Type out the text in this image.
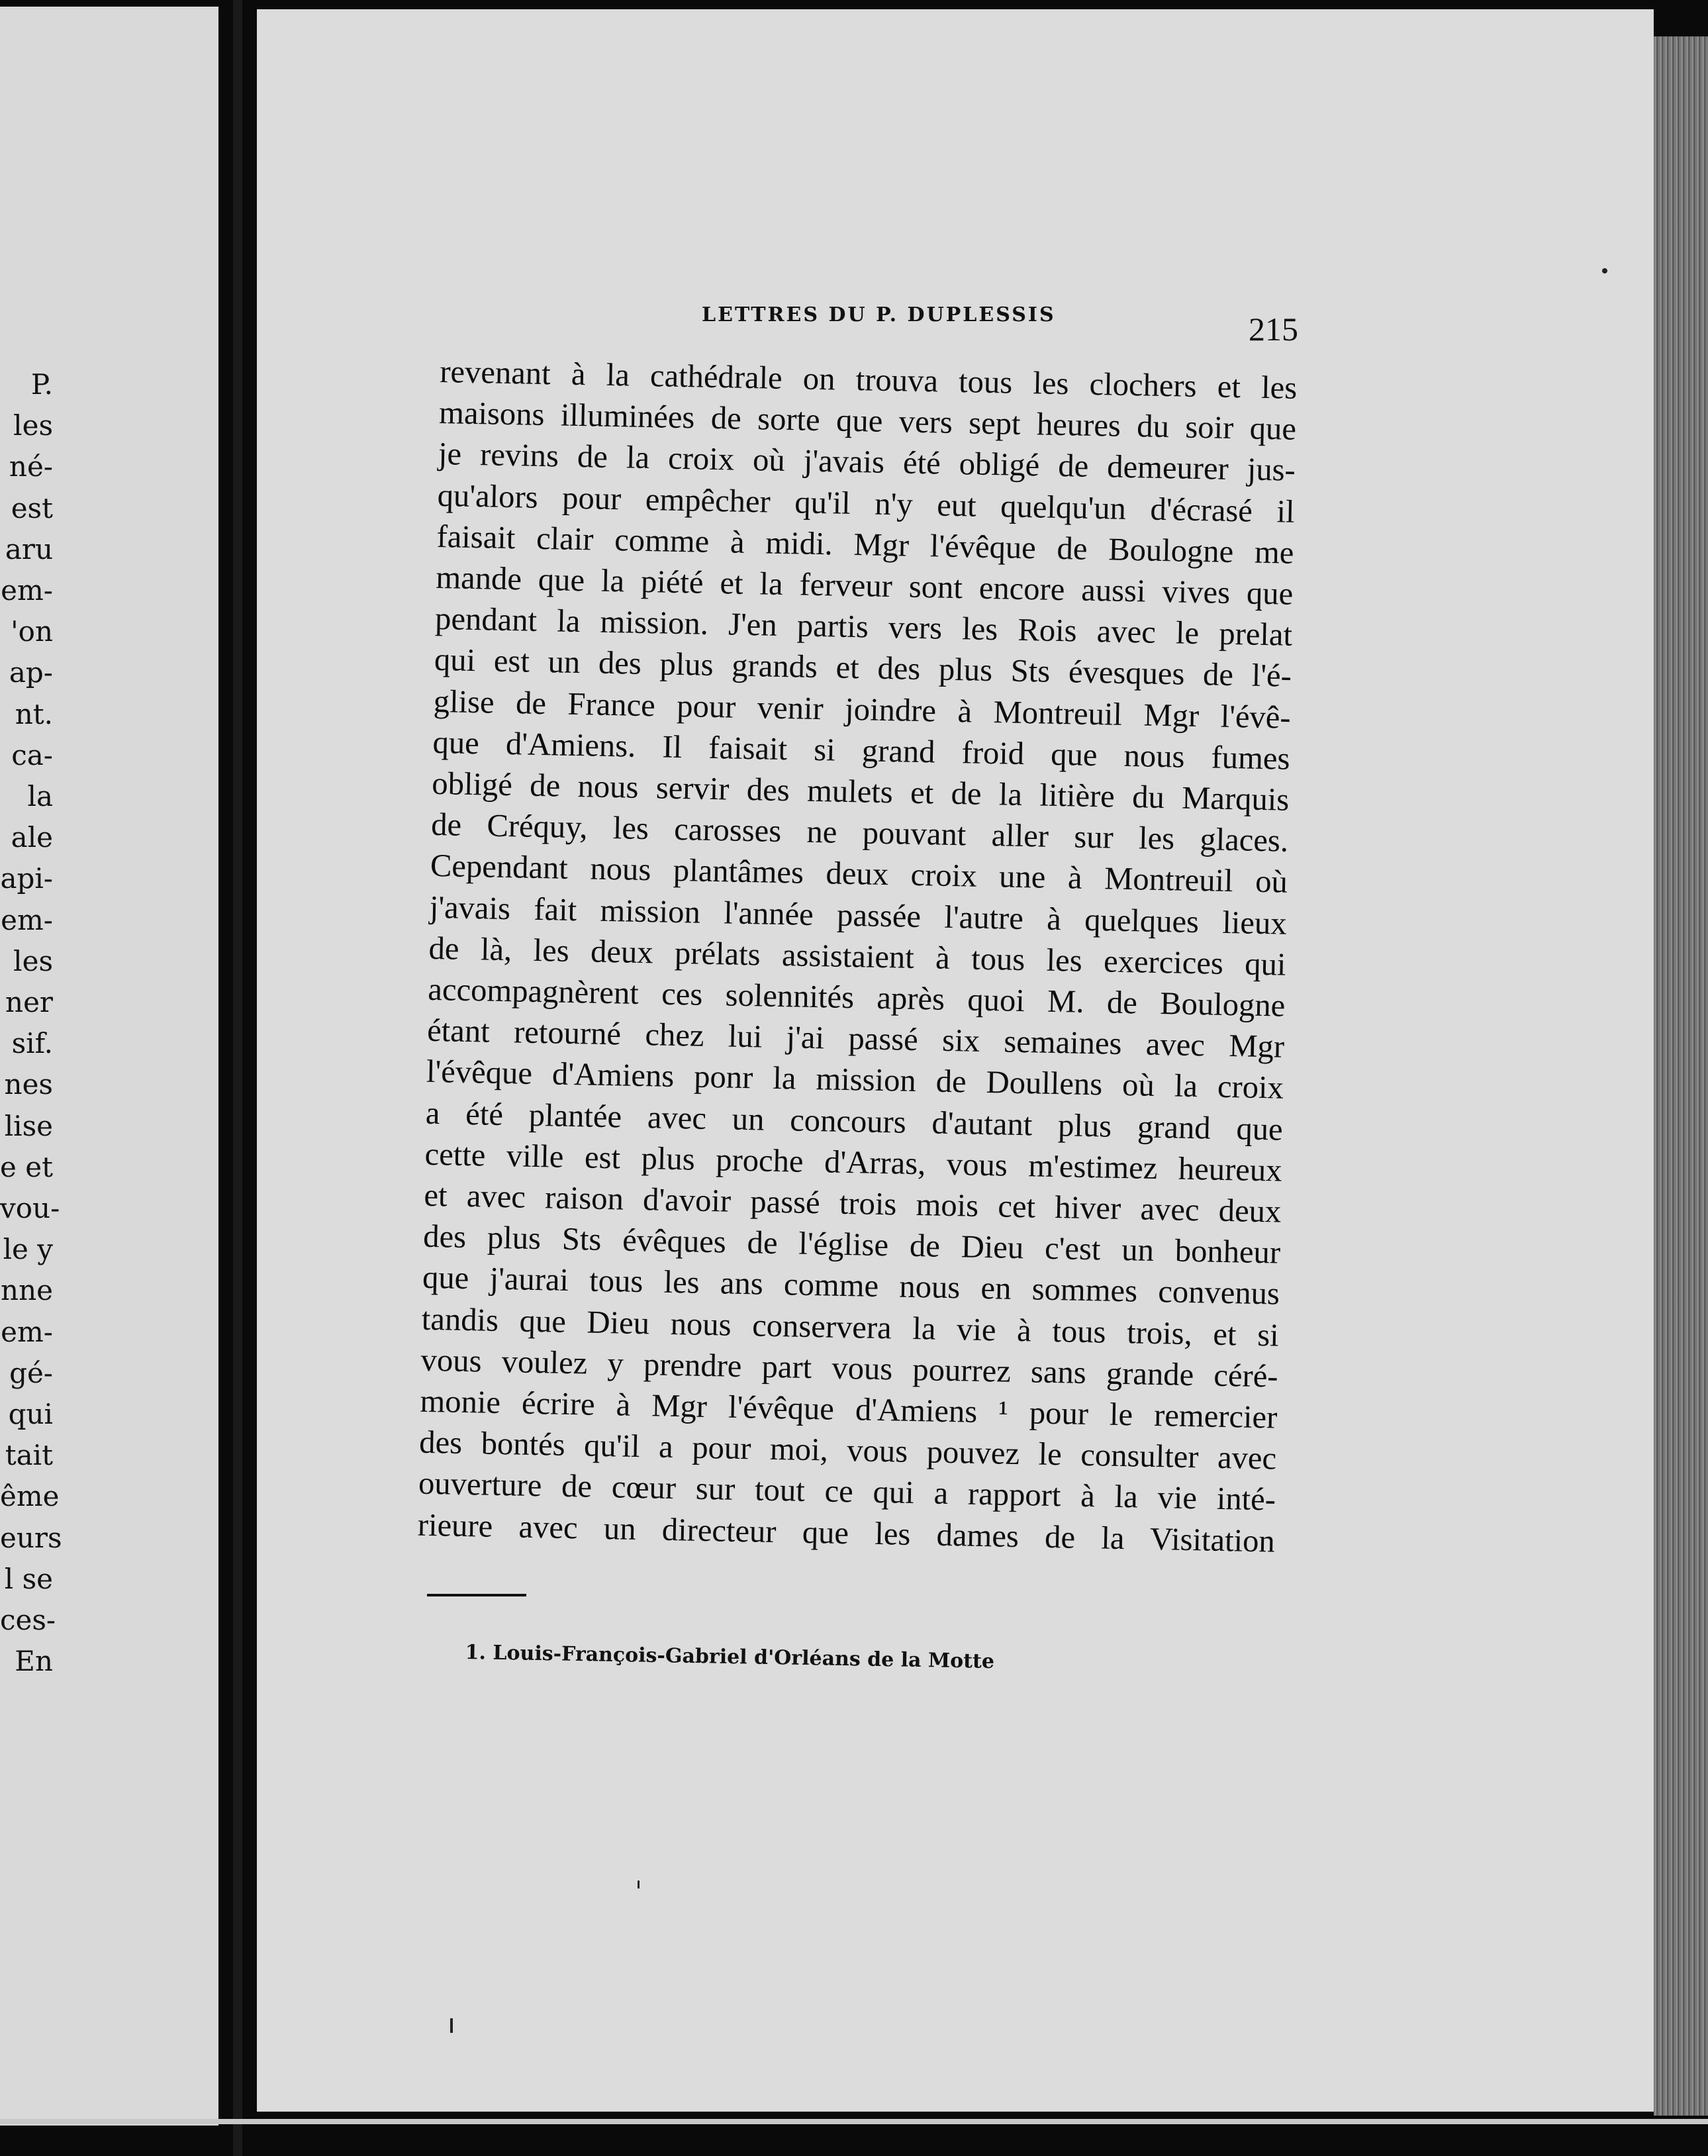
P.
les
né-
est
aru
em-
'on
ap-
nt.
ca-
la
ale
api-
em-
les
ner
sif.
nes
lise
e et
vou-
le y
nne
em-
gé-
qui
tait
ême
eurs
l se
ces-
En
LETTRES DU P. DUPLESSIS	215
revenant à la cathédrale on trouva tous les clochers et les
maisons illuminées de sorte que vers sept heures du soir que
je revins de la croix où j'avais été obligé de demeurer jus-
qu'alors pour empêcher qu'il n'y eut quelqu'un d'écrasé il
faisait clair comme à midi. Mgr l'évêque de Boulogne me
mande que la piété et la ferveur sont encore aussi vives que
pendant la mission. J'en partis vers les Rois avec le prelat
qui est un des plus grands et des plus Sts évesques de l'é-
glise de France pour venir joindre à Montreuil Mgr l'évê-
que d'Amiens. Il faisait si grand froid que nous fumes
obligé de nous servir des mulets et de la litière du Marquis
de Créquy, les carosses ne pouvant aller sur les glaces.
Cependant nous plantâmes deux croix une à Montreuil où
j'avais fait mission l'année passée l'autre à quelques lieux
de là, les deux prélats assistaient à tous les exercices qui
accompagnèrent ces solennités après quoi M. de Boulogne
étant retourné chez lui j'ai passé six semaines avec Mgr
l'évêque d'Amiens ponr la mission de Doullens où la croix
a été plantée avec un concours d'autant plus grand que
cette ville est plus proche d'Arras, vous m'estimez heureux
et avec raison d'avoir passé trois mois cet hiver avec deux
des plus Sts évêques de l'église de Dieu c'est un bonheur
que j'aurai tous les ans comme nous en sommes convenus
tandis que Dieu nous conservera la vie à tous trois, et si
vous voulez y prendre part vous pourrez sans grande céré-
monie écrire à Mgr l'évêque d'Amiens ¹ pour le remercier
des bontés qu'il a pour moi, vous pouvez le consulter avec
ouverture de cœur sur tout ce qui a rapport à la vie inté-
rieure avec un directeur que les dames de la Visitation
1. Louis-François-Gabriel d'Orléans de la Motte
